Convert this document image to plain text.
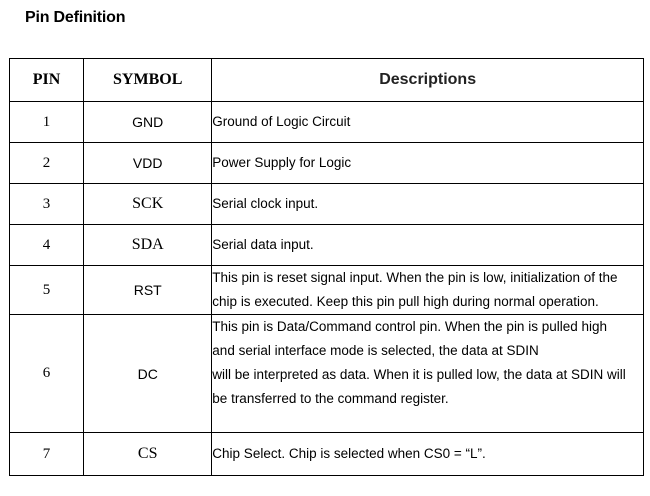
Pin Definition
PIN	SYMBOL	Descriptions
1	GND	Ground of Logic Circuit

2	VDD	Power Supply for Logic

3	SCK	Serial clock input.

4	SDA	Serial data input.

5	RST	This pin is reset signal input. When the pin is low, initialization of the
chip is executed. Keep this pin pull high during normal operation.

6	DC	This pin is Data/Command control pin. When the pin is pulled high
and serial interface mode is selected, the data at SDIN
will be interpreted as data. When it is pulled low, the data at SDIN will
be transferred to the command register.

7	CS	Chip Select. Chip is selected when CS0 = “L”.
